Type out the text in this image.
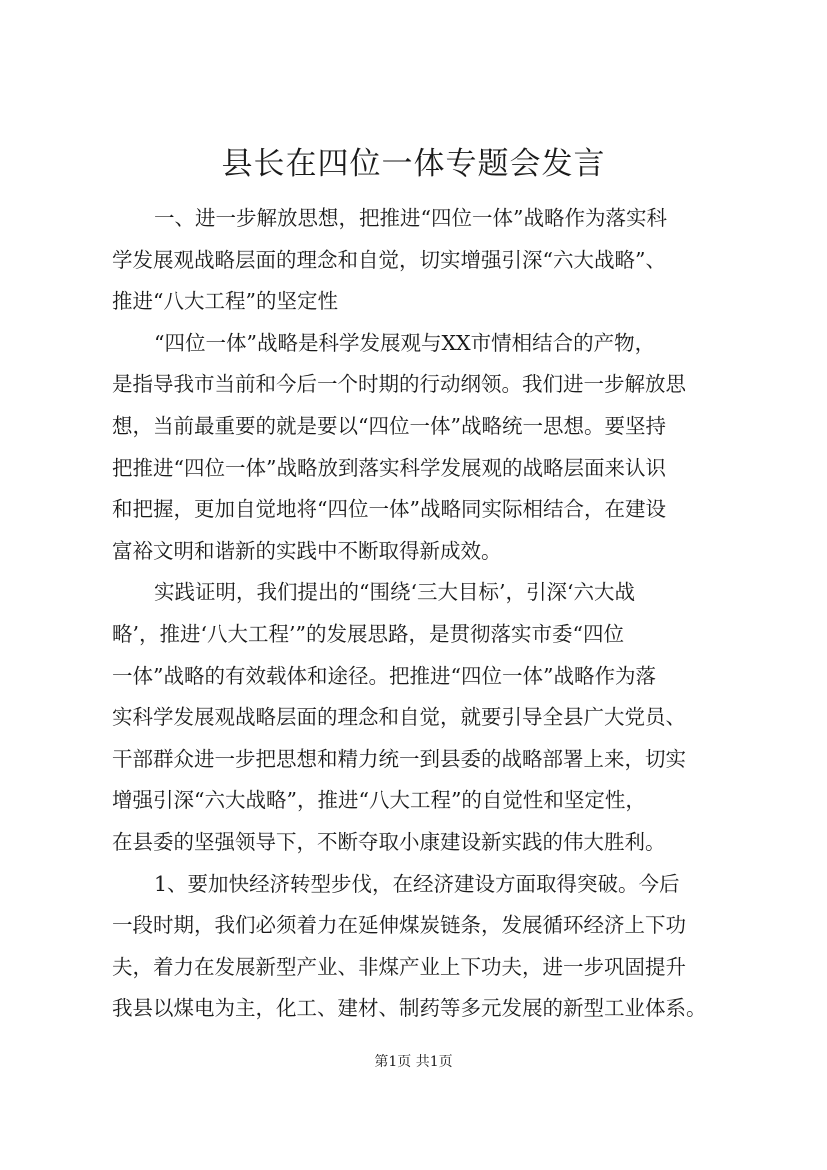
县长在四位一体专题会发言
一、进一步解放思想，把推进“四位一体”战略作为落实科
学发展观战略层面的理念和自觉，切实增强引深“六大战略”、
推进“八大工程”的坚定性
“四位一体”战略是科学发展观与XX市情相结合的产物，
是指导我市当前和今后一个时期的行动纲领。我们进一步解放思
想，当前最重要的就是要以“四位一体”战略统一思想。要坚持
把推进“四位一体”战略放到落实科学发展观的战略层面来认识
和把握，更加自觉地将“四位一体”战略同实际相结合，在建设
富裕文明和谐新的实践中不断取得新成效。
实践证明，我们提出的“围绕‘三大目标’，引深‘六大战
略’，推进‘八大工程’”的发展思路，是贯彻落实市委“四位
一体”战略的有效载体和途径。把推进“四位一体”战略作为落
实科学发展观战略层面的理念和自觉，就要引导全县广大党员、
干部群众进一步把思想和精力统一到县委的战略部署上来，切实
增强引深“六大战略”，推进“八大工程”的自觉性和坚定性，
在县委的坚强领导下，不断夺取小康建设新实践的伟大胜利。
1、要加快经济转型步伐，在经济建设方面取得突破。今后
一段时期，我们必须着力在延伸煤炭链条，发展循环经济上下功
夫，着力在发展新型产业、非煤产业上下功夫，进一步巩固提升
我县以煤电为主，化工、建材、制药等多元发展的新型工业体系。
第1页 共1页
